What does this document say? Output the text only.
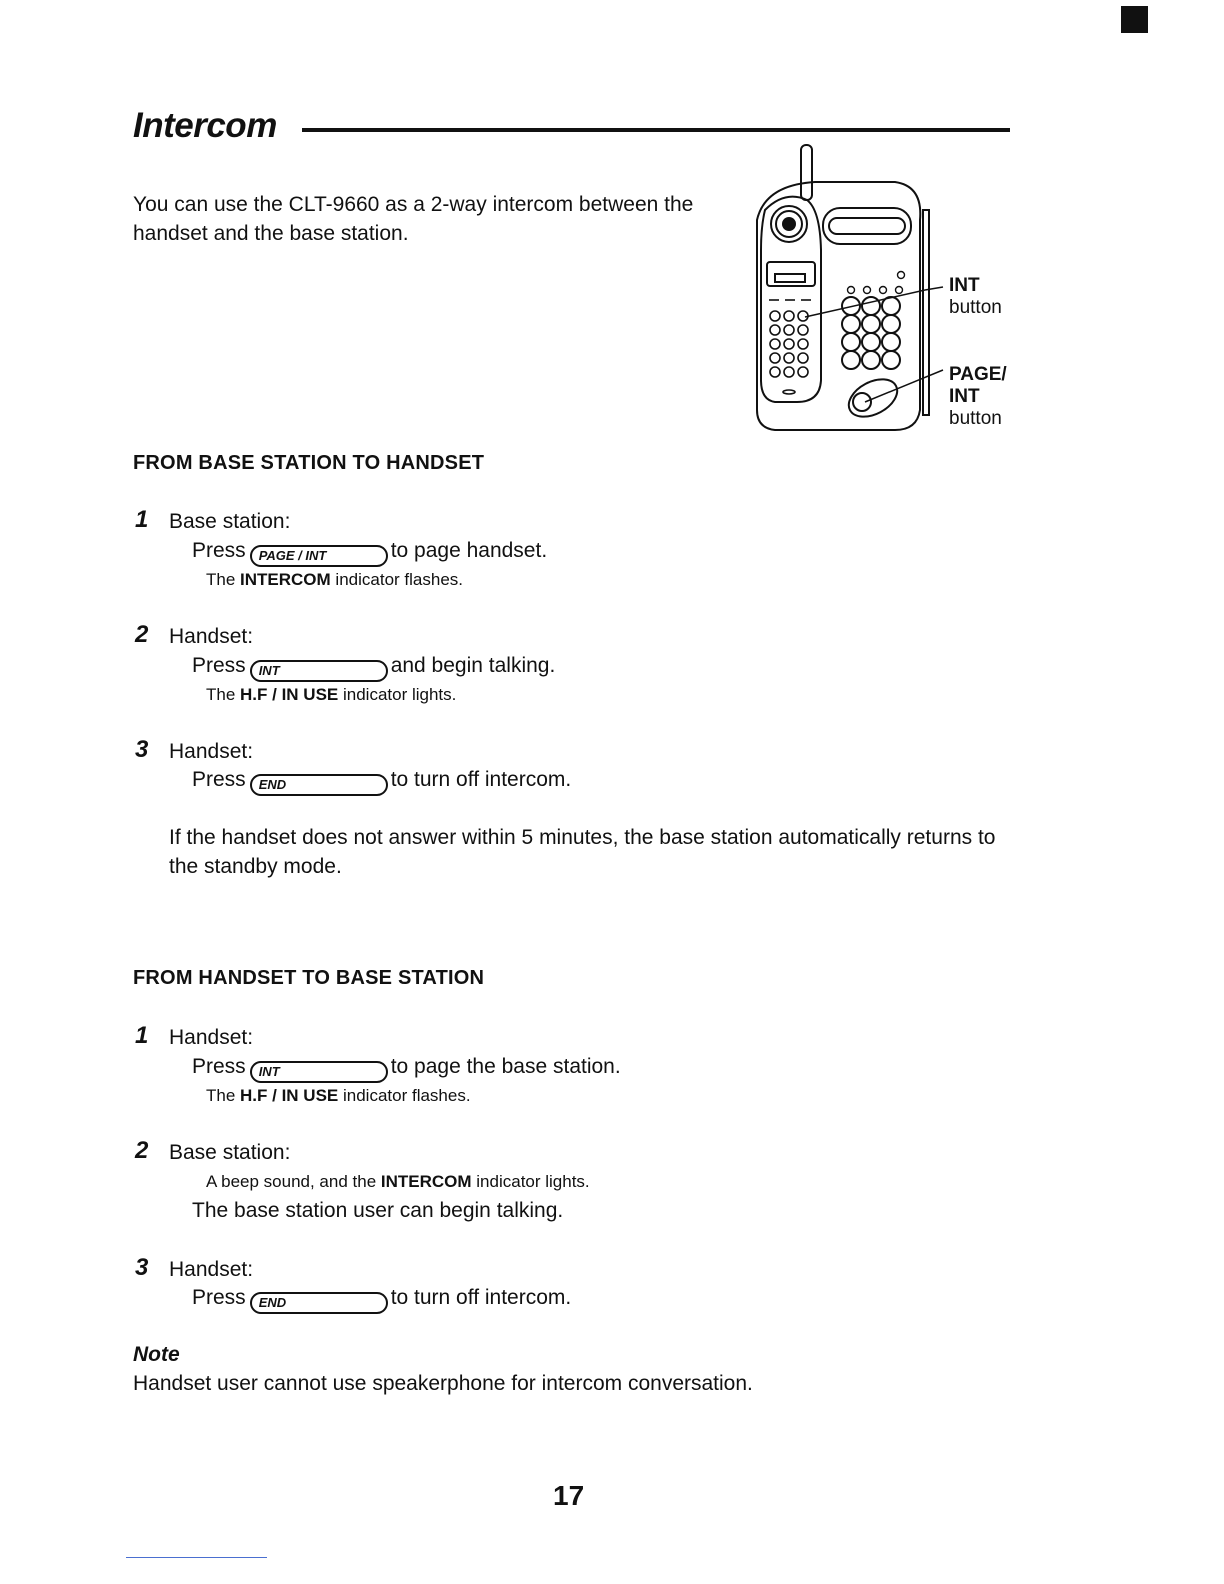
Intercom
You can use the CLT-9660 as a 2-way intercom between the handset and the base station.
INT
button
PAGE/
INT
button
FROM BASE STATION TO HANDSET
1 Base station:
Press PAGE / INT	to page handset.
The INTERCOM indicator flashes.
2 Handset:
Press INT	and begin talking.
The H.F / IN USE indicator lights.
3 Handset:
Press END	to turn off intercom.
If the handset does not answer within 5 minutes, the base station automatically returns to the standby mode.
FROM HANDSET TO BASE STATION
1 Handset:
Press INT	to page the base station.
The H.F / IN USE indicator flashes.
2 Base station:
A beep sound, and the INTERCOM indicator lights.
The base station user can begin talking.
3 Handset:
Press END	to turn off intercom.
Note
Handset user cannot use speakerphone for intercom conversation.
17
